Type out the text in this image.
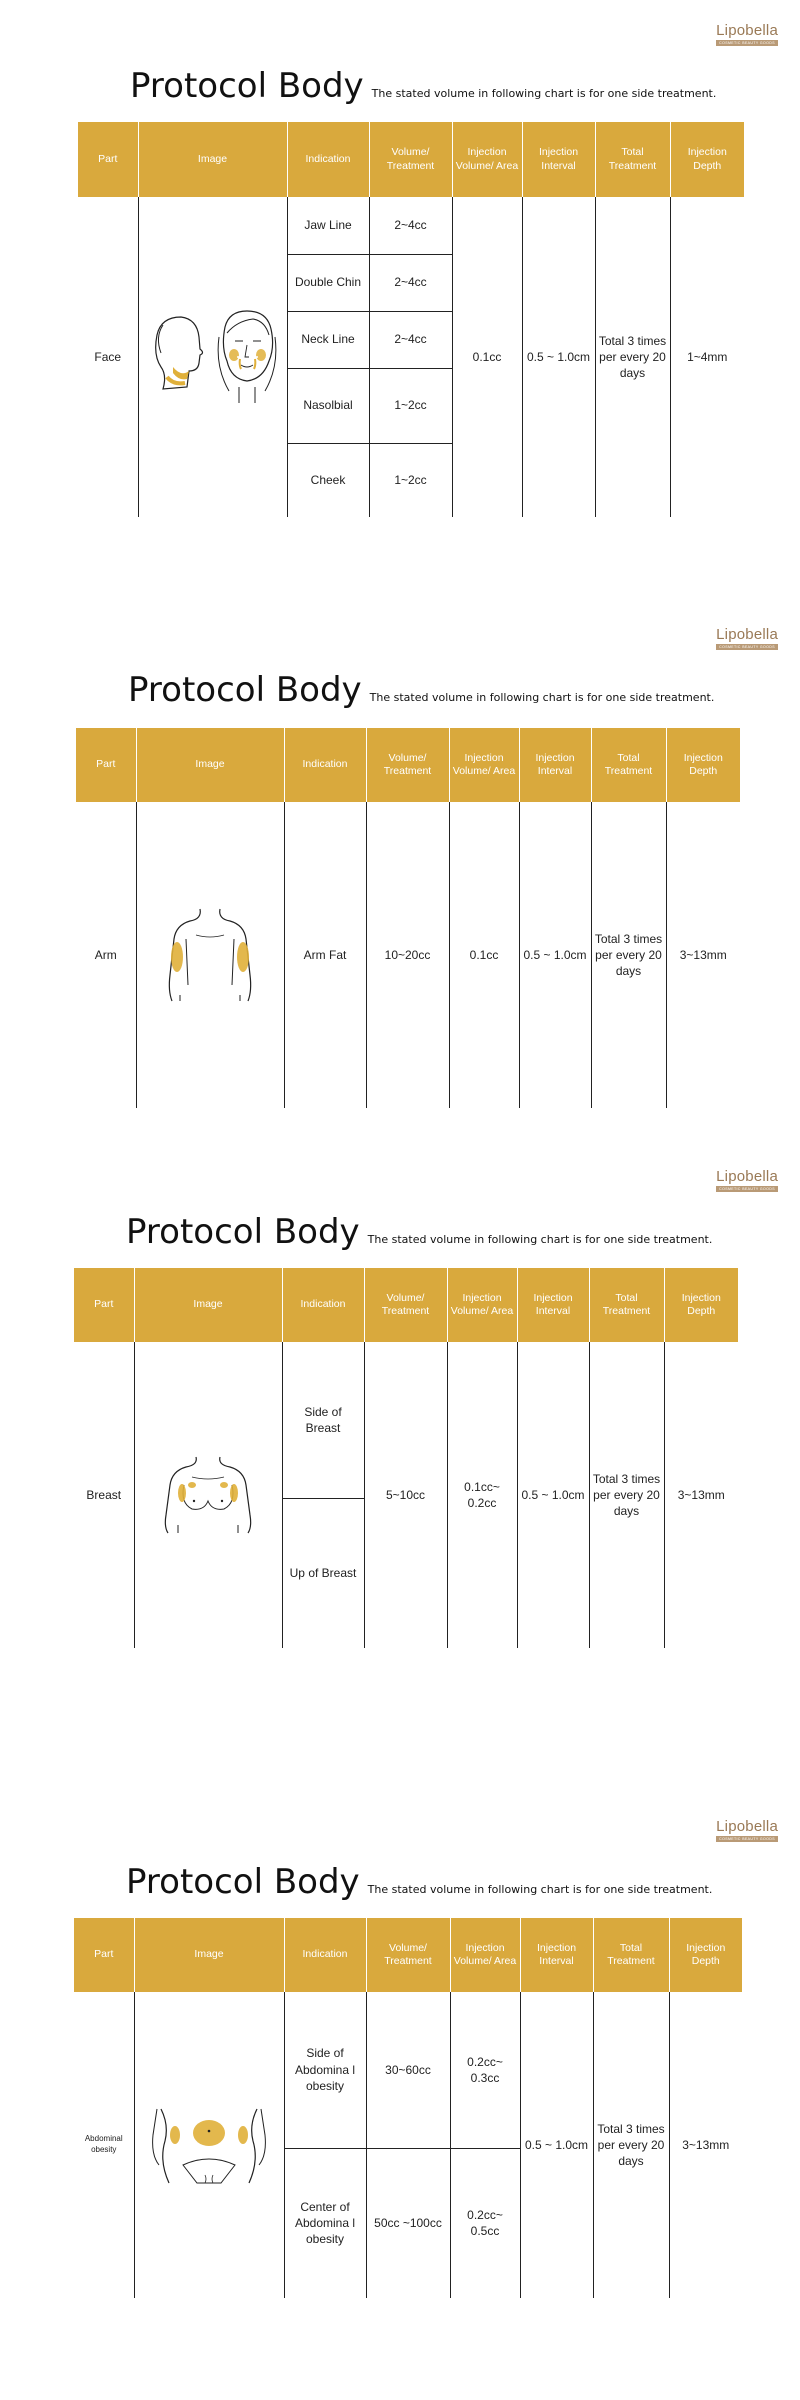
Lipobella
COSMETIC BEAUTY GOODS
Protocol Body The stated volume in following chart is for one side treatment.
Part	Image	Indication	Volume/ Treatment	Injection Volume/ Area	Injection Interval	Total Treatment	Injection Depth
Face		Jaw Line	2~4cc	0.1cc	0.5 ~ 1.0cm	Total 3 times per every 20 days	1~4mm
		Double Chin	2~4cc				
		Neck Line	2~4cc				
		Nasolbial	1~2cc				
		Cheek	1~2cc				
Lipobella
COSMETIC BEAUTY GOODS
Protocol Body The stated volume in following chart is for one side treatment.
Part	Image	Indication	Volume/ Treatment	Injection Volume/ Area	Injection Interval	Total Treatment	Injection Depth
Arm		Arm Fat	10~20cc	0.1cc	0.5 ~ 1.0cm	Total 3 times per every 20 days	3~13mm
Lipobella
COSMETIC BEAUTY GOODS
Protocol Body The stated volume in following chart is for one side treatment.
Part	Image	Indication	Volume/ Treatment	Injection Volume/ Area	Injection Interval	Total Treatment	Injection Depth
Breast		Side of Breast	5~10cc	0.1cc~ 0.2cc	0.5 ~ 1.0cm	Total 3 times per every 20 days	3~13mm
		Up of Breast					
Lipobella
COSMETIC BEAUTY GOODS
Protocol Body The stated volume in following chart is for one side treatment.
Part	Image	Indication	Volume/ Treatment	Injection Volume/ Area	Injection Interval	Total Treatment	Injection Depth
Abdominal obesity		Side of Abdomina l obesity	30~60cc	0.2cc~ 0.3cc	0.5 ~ 1.0cm	Total 3 times per every 20 days	3~13mm
		Center of Abdomina l obesity	50cc ~100cc	0.2cc~ 0.5cc			
